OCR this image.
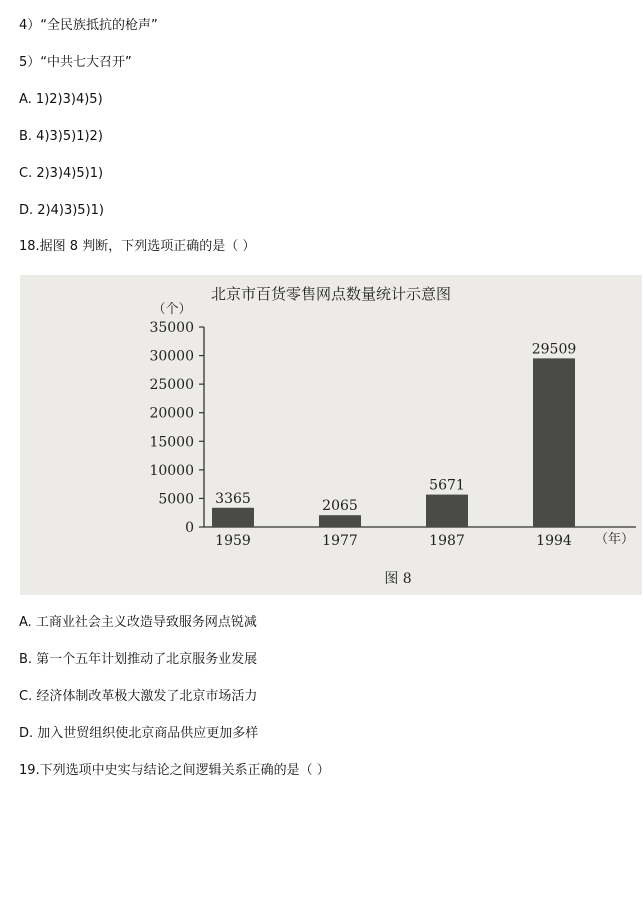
4）“全民族抵抗的枪声”
5）“中共七大召开”
A. 1)2)3)4)5)
B. 4)3)5)1)2)
C. 2)3)4)5)1)
D. 2)4)3)5)1)
18.据图 8 判断，下列选项正确的是（ ）
北京市百货零售网点数量统计示意图
（个）
（年）
图 8
0
5000
10000
15000
20000
25000
30000
35000
3365
1959
2065
1977
5671
1987
29509
1994
A. 工商业社会主义改造导致服务网点锐减
B. 第一个五年计划推动了北京服务业发展
C. 经济体制改革极大激发了北京市场活力
D. 加入世贸组织使北京商品供应更加多样
19.下列选项中史实与结论之间逻辑关系正确的是（ ）
